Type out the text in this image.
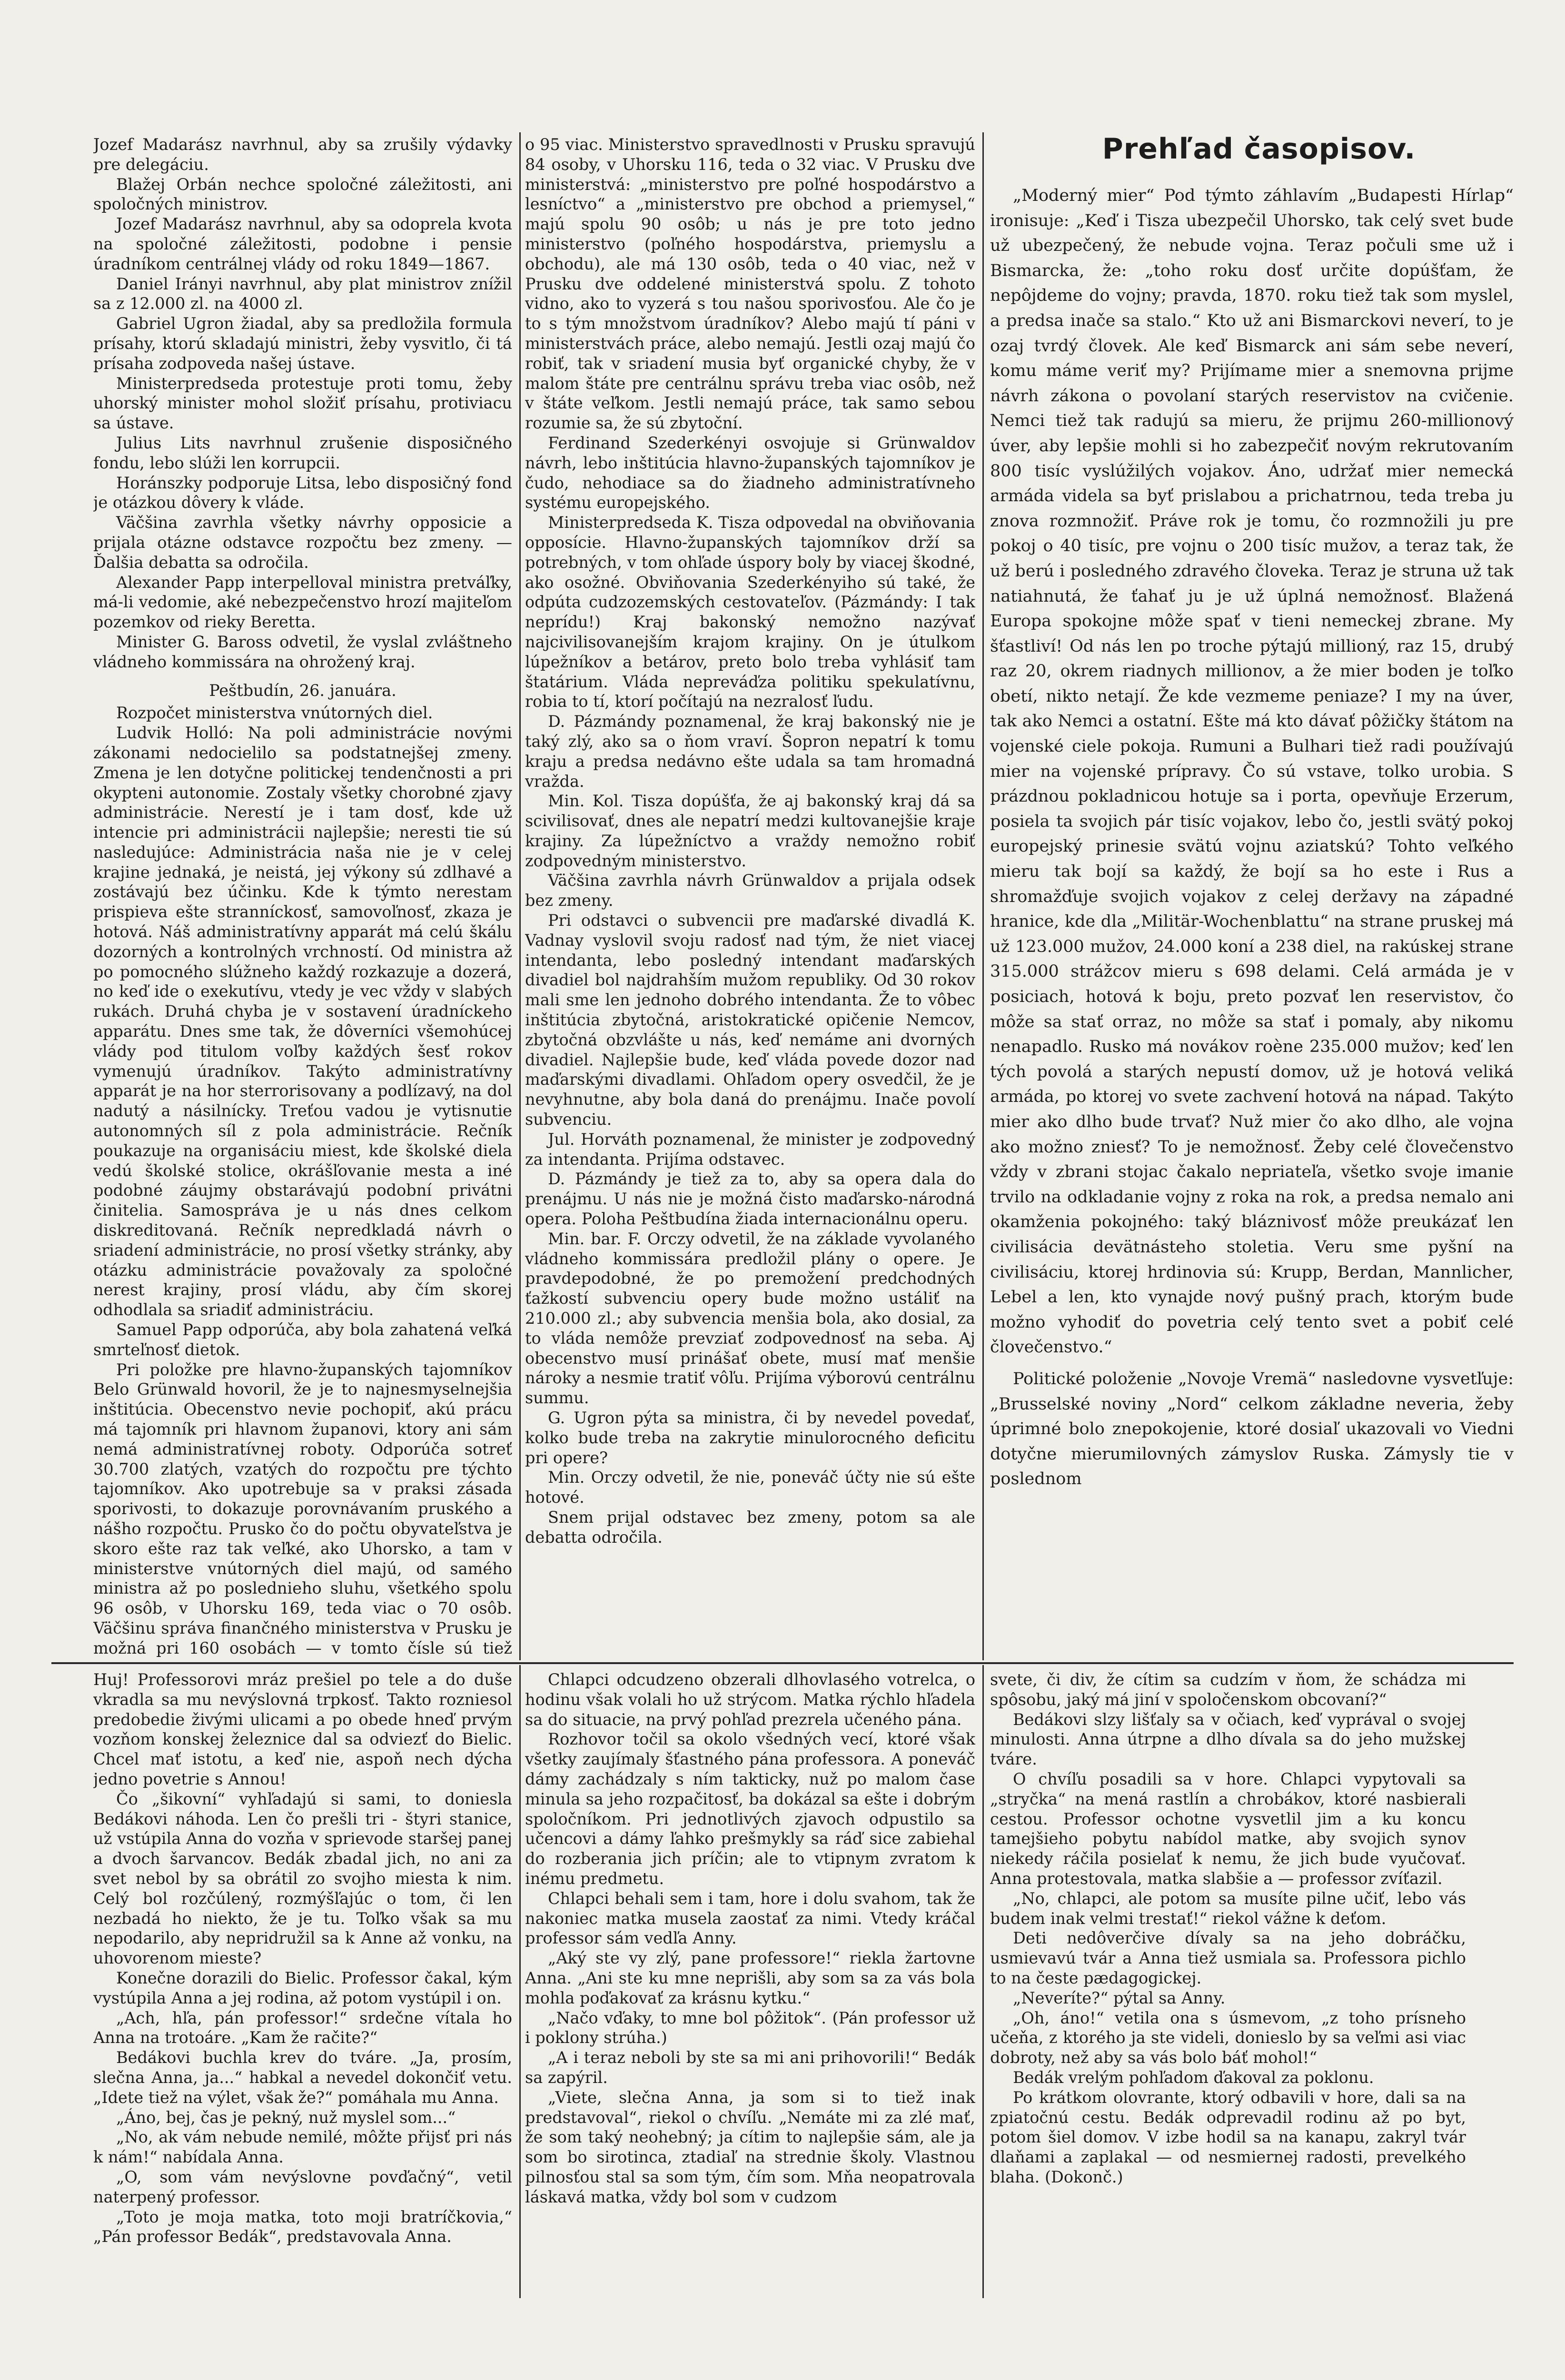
Prehľad časopisov.

Jozef Madarász navrhnul, aby sa zrušily výdavky pre delegáciu.

Blažej Orbán nechce spoločné záležitosti, ani spoločných ministrov.

Jozef Madarász navrhnul, aby sa odoprela kvota na spoločné záležitosti, podobne i pensie úradníkom centrálnej vlády od roku 1849—1867.

Daniel Irányi navrhnul, aby plat ministrov znížil sa z 12.000 zl. na 4000 zl.

Gabriel Ugron žiadal, aby sa predložila formula prísahy, ktorú skladajú ministri, žeby vysvitlo, či tá prísaha zodpoveda našej ústave.

Ministerpredseda protestuje proti tomu, žeby uhorský minister mohol složiť prísahu, protiviacu sa ústave.

Julius Lits navrhnul zrušenie disposičného fondu, lebo slúži len korrupcii.

Horánszky podporuje Litsa, lebo disposičný fond je otázkou dôvery k vláde.

Väčšina zavrhla všetky návrhy opposicie a prijala otázne odstavce rozpočtu bez zmeny. — Ďalšia debatta sa odročila.

Alexander Papp interpelloval ministra pretváľky, má-li vedomie, aké nebezpečenstvo hrozí majiteľom pozemkov od rieky Berettа.

Minister G. Baross odvetil, že vyslal zvláštneho vládneho kommissára na ohrožený kraj.

Peštbudín, 26. januára.

Rozpočet ministerstva vnútorných diel.

Ludvik Holló: Na poli administrácie novými zákonami nedocielilo sa podstatnejšej zmeny. Zmena je len dotyčne politickej tendenčnosti a pri okypteni autonomie. Zostaly všetky chorobné zjavy administrácie. Nerestí je i tam dosť, kde už intencie pri administrácii najlepšie; neresti tie sú nasledujúce: Administrácia naša nie je v celej krajine jednaká, je neistá, jej výkony sú zdlhavé a zostávajú bez účinku. Kde k týmto nerestam prispieva ešte stranníckosť, samovoľnosť, zkaza je hotová. Náš administratívny apparát má celú škálu dozorných a kontrolných vrchností. Od ministra až po pomocného slúžneho každý rozkazuje a dozerá, no keď ide o exekutívu, vtedy je vec vždy v slabých rukách. Druhá chyba je v sostavení úradníckeho apparátu. Dnes sme tak, že dôverníci všemohúcej vlády pod titulom voľby každých šesť rokov vymenujú úradníkov. Takýto administratívny apparát je na hor sterrorisovany a podlízavý, na dol nadutý a násilnícky. Treťou vadou je vytisnutie autonomných síl z pola administrácie. Rečník poukazuje na organisáciu miest, kde školské diela vedú školské stolice, okrášľovanie mesta a iné podobné záujmy obstarávajú podobní privátni činitelia. Samospráva je u nás dnes celkom diskreditovaná. Rečník nepredkladá návrh o sriadení administrácie, no prosí všetky stránky, aby otázku administrácie považovaly za spoločné nerest krajiny, prosí vládu, aby čím skorej odhodlala sa sriadiť administráciu.

Samuel Papp odporúča, aby bola zahatená veľká smrteľnosť dietok.

Pri položke pre hlavno-županských tajomníkov Belo Grünwald hovoril, že je to najnesmyselnejšia inštitúcia. Obecenstvo nevie pochopiť, akú prácu má tajomník pri hlavnom županovi, ktory ani sám nemá administratívnej roboty. Odporúča sotreť 30.700 zlatých, vzatých do rozpočtu pre týchto tajomníkov. Ako upotrebuje sa v praksi zásada sporivosti, to dokazuje porovnávaním pruského a nášho rozpočtu. Prusko čo do počtu obyvateľstva je skoro ešte raz tak veľké, ako Uhorsko, a tam v ministerstve vnútorných diel majú, od samého ministra až po poslednieho sluhu, všetkého spolu 96 osôb, v Uhorsku 169, teda viac o 70 osôb. Väčšinu správa finančného ministerstva v Prusku je možná pri 160 osobách — v tomto čísle sú tiež

o 95 viac. Ministerstvo spravedlnosti v Prusku spravujú 84 osoby, v Uhorsku 116, teda o 32 viac. V Prusku dve ministerstvá: „ministerstvo pre poľné hospodárstvo a lesníctvo“ a „ministerstvo pre obchod a priemysel,“ majú spolu 90 osôb; u nás je pre toto jedno ministerstvo (poľného hospodárstva, priemyslu a obchodu), ale má 130 osôb, teda o 40 viac, než v Prusku dve oddelené ministerstvá spolu. Z tohoto vidno, ako to vyzerá s tou našou sporivosťou. Ale čo je to s tým množstvom úradníkov? Alebo majú tí páni v ministerstvách práce, alebo nemajú. Jestli ozaj majú čo robiť, tak v sriadení musia byť organické chyby, že v malom štáte pre centrálnu správu treba viac osôb, než v štáte veľkom. Jestli nemajú práce, tak samo sebou rozumie sa, že sú zbytoční.

Ferdinand Szederkényi osvojuje si Grünwaldov návrh, lebo inštitúcia hlavno-županských tajomníkov je čudo, nehodiace sa do žiadneho administratívneho systému europejského.

Ministerpredseda K. Tisza odpovedal na obviňovania opposície. Hlavno-županských tajomníkov drží sa potrebných, v tom ohľade úspory boly by viacej škodné, ako osožné. Obviňovania Szederkényiho sú také, že odpúta cudzozemských cestovateľov. (Pázmándy: I tak neprídu!) Kraj bakonský nemožno nazývať najcivilisovanejším krajom krajiny. On je útulkom lúpežníkov a betárov, preto bolo treba vyhlásiť tam štatárium. Vláda nepreváďza politiku spekulatívnu, robia to tí, ktorí počítajú na nezralosť ľudu.

D. Pázmándy poznamenal, že kraj bakonský nie je taký zlý, ako sa o ňom vraví. Šopron nepatrí k tomu kraju a predsa nedávno ešte udala sa tam hromadná vražda.

Min. Kol. Tisza dopúšťa, že aj bakonský kraj dá sa scivilisovať, dnes ale nepatrí medzi kultovanejšie kraje krajiny. Za lúpežníctvo a vraždy nemožno robiť zodpovedným ministerstvo.

Väčšina zavrhla návrh Grünwaldov a prijala odsek bez zmeny.

Pri odstavci o subvencii pre maďarské divadlá K. Vadnay vyslovil svoju radosť nad tým, že niet viacej intendanta, lebo posledný intendant maďarských divadiel bol najdrahším mužom republiky. Od 30 rokov mali sme len jednoho dobrého intendanta. Že to vôbec inštitúcia zbytočná, aristokratické opičenie Nemcov, zbytočná obzvlášte u nás, keď nemáme ani dvorných divadiel. Najlepšie bude, keď vláda povede dozor nad maďarskými divadlami. Ohľadom opery osvedčil, že je nevyhnutne, aby bola daná do prenájmu. Inače povolí subvenciu.

Jul. Horváth poznamenal, že minister je zodpovedný za intendanta. Prijíma odstavec.

D. Pázmándy je tiež za to, aby sa opera dala do prenájmu. U nás nie je možná čisto maďarsko-národná opera. Poloha Peštbudína žiada internacionálnu operu.

Min. bar. F. Orczy odvetil, že na základe vyvolaného vládneho kommissára predložil plány o opere. Je pravdepodobné, že po premožení predchodných ťažkostí subvenciu opery bude možno ustáliť na 210.000 zl.; aby subvencia menšia bola, ako dosial, za to vláda nemôže prevziať zodpovednosť na seba. Aj obecenstvo musí prinášať obete, musí mať menšie nároky a nesmie tratiť vôľu. Prijíma výborovú centrálnu summu.

G. Ugron pýta sa ministra, či by nevedel povedať, kolko bude treba na zakrytie minulorocného deficitu pri opere?

Min. Orczy odvetil, že nie, poneváč účty nie sú ešte hotové.

Snem prijal odstavec bez zmeny, potom sa ale debatta odročila.

„Moderný mier“ Pod týmto záhlavím „Budapesti Hírlap“ ironisuje: „Keď i Tisza ubezpečil Uhorsko, tak celý svet bude už ubezpečený, že nebude vojna. Teraz počuli sme už i Bismarcka, že: „toho roku dosť určite dopúšťam, že nepôjdeme do vojny; pravda, 1870. roku tiež tak som myslel, a predsa inače sa stalo.“ Kto už ani Bismarckovi neverí, to je ozaj tvrdý človek. Ale keď Bismarck ani sám sebe neverí, komu máme veriť my? Prijímame mier a snemovna prijme návrh zákona o povolaní starých reservistov na cvičenie. Nemci tiež tak radujú sa mieru, že prijmu 260-millionový úver, aby lepšie mohli si ho zabezpečiť novým rekrutovaním 800 tisíc vyslúžilých vojakov. Áno, udržať mier nemecká armáda videla sa byť prislabou a prichatrnou, teda treba ju znova rozmnožiť. Práve rok je tomu, čo rozmnožili ju pre pokoj o 40 tisíc, pre vojnu o 200 tisíc mužov, a teraz tak, že už berú i posledného zdravého človeka. Teraz je struna už tak natiahnutá, že ťahať ju je už úplná nemožnosť. Blažená Europa spokojne môže spať v tieni nemeckej zbrane. My šťastliví! Od nás len po troche pýtajú millioný, raz 15, drubý raz 20, okrem riadnych millionov, a že mier boden je toľko obetí, nikto netají. Že kde vezmeme peniaze? I my na úver, tak ako Nemci a ostatní. Ešte má kto dávať pôžičky štátom na vojenské ciele pokoja. Rumuni a Bulhari tiež radi používajú mier na vojenské prípravy. Čo sú vstave, tolko urobia. S prázdnou pokladnicou hotuje sa i porta, opevňuje Erzerum, posiela ta svojich pár tisíc vojakov, lebo čo, jestli svätý pokoj europejský prinesie svätú vojnu aziatskú? Tohto veľkého mieru tak bojí sa každý, že bojí sa ho este i Rus a shromažďuje svojich vojakov z celej deržavy na západné hranice, kde dla „Militär-Wochenblattu“ na strane pruskej má už 123.000 mužov, 24.000 koní a 238 diel, na rakúskej strane 315.000 strážcov mieru s 698 delami. Celá armáda je v posiciach, hotová k boju, preto pozvať len reservistov, čo môže sa stať orraz, no môže sa stať i pomaly, aby nikomu nenapadlo. Rusko má novákov roène 235.000 mužov; keď len tých povolá a starých nepustí domov, už je hotová veliká armáda, po ktorej vo svete zachvení hotová na nápad. Takýto mier ako dlho bude trvať? Nuž mier čo ako dlho, ale vojna ako možno zniesť? To je nemožnosť. Žeby celé človečenstvo vždy v zbrani stojac čakalo nepriateľa, všetko svoje imanie trvilo na odkladanie vojny z roka na rok, a predsa nemalo ani okamženia pokojného: taký bláznivosť môže preukázať len civilisácia devätnásteho stoletia. Veru sme pyšní na civilisáciu, ktorej hrdinovia sú: Krupp, Berdan, Mannlicher, Lebel a len, kto vynajde nový pušný prach, ktorým bude možno vyhodiť do povetria celý tento svet a pobiť celé človečenstvo.“

Politické položenie „Novoje Vremä“ nasledovne vysvetľuje: „Brusselské noviny „Nord“ celkom základne neveria, žeby úprimné bolo znepokojenie, ktoré dosiaľ ukazovali vo Viedni dotyčne mierumilovných zámyslov Ruska. Zámysly tie v poslednom

Huj! Professorovi mráz prešiel po tele a do duše vkradla sa mu nevýslovná trpkosť. Takto rozniesol predobedie živými ulicami a po obede hneď prvým vozňom konskej železnice dal sa odviezť do Bielic. Chcel mať istotu, a keď nie, aspoň nech dýcha jedno povetrie s Annou!

Čo „šikovní“ vyhľadajú si sami, to doniesla Bedákovi náhoda. Len čo prešli tri - štyri stanice, už vstúpila Anna do vozňa v sprievode staršej panej a dvoch šarvancov. Bedák zbadal jich, no ani za svet nebol by sa obrátil zo svojho miesta k nim. Celý bol rozčúlený, rozmýšľajúc o tom, či len nezbadá ho niekto, že je tu. Toľko však sa mu nepodarilo, aby nepridružil sa k Anne až vonku, na uhovorenom mieste?

Konečne dorazili do Bielic. Professor čakal, kým vystúpila Anna a jej rodina, až potom vystúpil i on.

„Ach, hľa, pán professor!“ srdečne vítala ho Anna na trotoáre. „Kam že račite?“

Bedákovi buchla krev do tváre. „Ja, prosím, slečna Anna, ja...“ habkal a nevedel dokončiť vetu. „Idete tiež na výlet, však že?“ pomáhala mu Anna.

„Áno, bej, čas je pekný, nuž myslel som...“

„No, ak vám nebude nemilé, môžte přijsť pri nás k nám!“ nabídala Anna.

„O, som vám nevýslovne povďačný“, vetil naterpený professor.

„Toto je moja matka, toto moji bratríčkovia,“ „Pán professor Bedák“, predstavovala Anna.

Chlapci odcudzeno obzerali dlhovlasého votrelca, o hodinu však volali ho už strýcom. Matka rýchlo hľadela sa do situacie, na prvý pohľad prezrela učeného pána.

Rozhovor točil sa okolo všedných vecí, ktoré však všetky zaujímaly šťastného pána professora. A poneváč dámy zachádzaly s ním takticky, nuž po malom čase minula sa jeho rozpačitosť, ba dokázal sa ešte i dobrým spoločníkom. Pri jednotlivých zjavoch odpustilo sa učencovi a dámy ľahko prešmykly sa ráď sice zabiehal do rozberania jich príčin; ale to vtipnym zvratom k inému predmetu.

Chlapci behali sem i tam, hore i dolu svahom, tak že nakoniec matka musela zaostať za nimi. Vtedy kráčal professor sám vedľa Anny.

„Aký ste vy zlý, pane professore!“ riekla žartovne Anna. „Ani ste ku mne neprišli, aby som sa za vás bola mohla poďakovať za krásnu kytku.“

„Načo vďaky, to mne bol pôžitok“. (Pán professor už i poklony strúha.)

„A i teraz neboli by ste sa mi ani prihovorili!“ Bedák sa zapýril.

„Viete, slečna Anna, ja som si to tiež inak predstavoval“, riekol o chvíľu. „Nemáte mi za zlé mať, že som taký neohebný; ja cítim to najlepšie sám, ale ja som bo sirotinca, ztadiaľ na strednie školy. Vlastnou pilnosťou stal sa som tým, čím som. Mňa neopatrovala láskavá matka, vždy bol som v cudzom

svete, či div, že cítim sa cudzím v ňom, že schádza mi spôsobu, jaký má jiní v spoločenskom obcovaní?“

Bedákovi slzy lišťaly sa v očiach, keď vyprával o svojej minulosti. Anna útrpne a dlho dívala sa do jeho mužskej tváre.

O chvíľu posadili sa v hore. Chlapci vypytovali sa „stryčka“ na mená rastlín a chrobákov, ktoré nasbierali cestou. Professor ochotne vysvetlil jim a ku koncu tamejšieho pobytu nabídol matke, aby svojich synov niekedy ráčila posielať k nemu, že jich bude vyučovať. Anna protestovala, matka slabšie a — professor zvíťazil.

„No, chlapci, ale potom sa musíte pilne učiť, lebo vás budem inak velmi trestať!“ riekol vážne k deťom.

Deti nedôverčive dívaly sa na jeho dobráčku, usmievavú tvár a Anna tiež usmiala sa. Professora pichlo to na česte pædagogickej.

„Neveríte?“ pýtal sa Anny.

„Oh, áno!“ vetila ona s úsmevom, „z toho prísneho učeňa, z ktorého ja ste videli, donieslo by sa veľmi asi viac dobroty, než aby sa vás bolo báť mohol!“

Bedák vrelým pohľadom ďakoval za poklonu.

Po krátkom olovrante, ktorý odbavili v hore, dali sa na zpiatočnú cestu. Bedák odprevadil rodinu až po byt, potom šiel domov. V izbe hodil sa na kanapu, zakryl tvár dlaňami a zaplakal — od nesmiernej radosti, prevelkého blaha. (Dokonč.)
